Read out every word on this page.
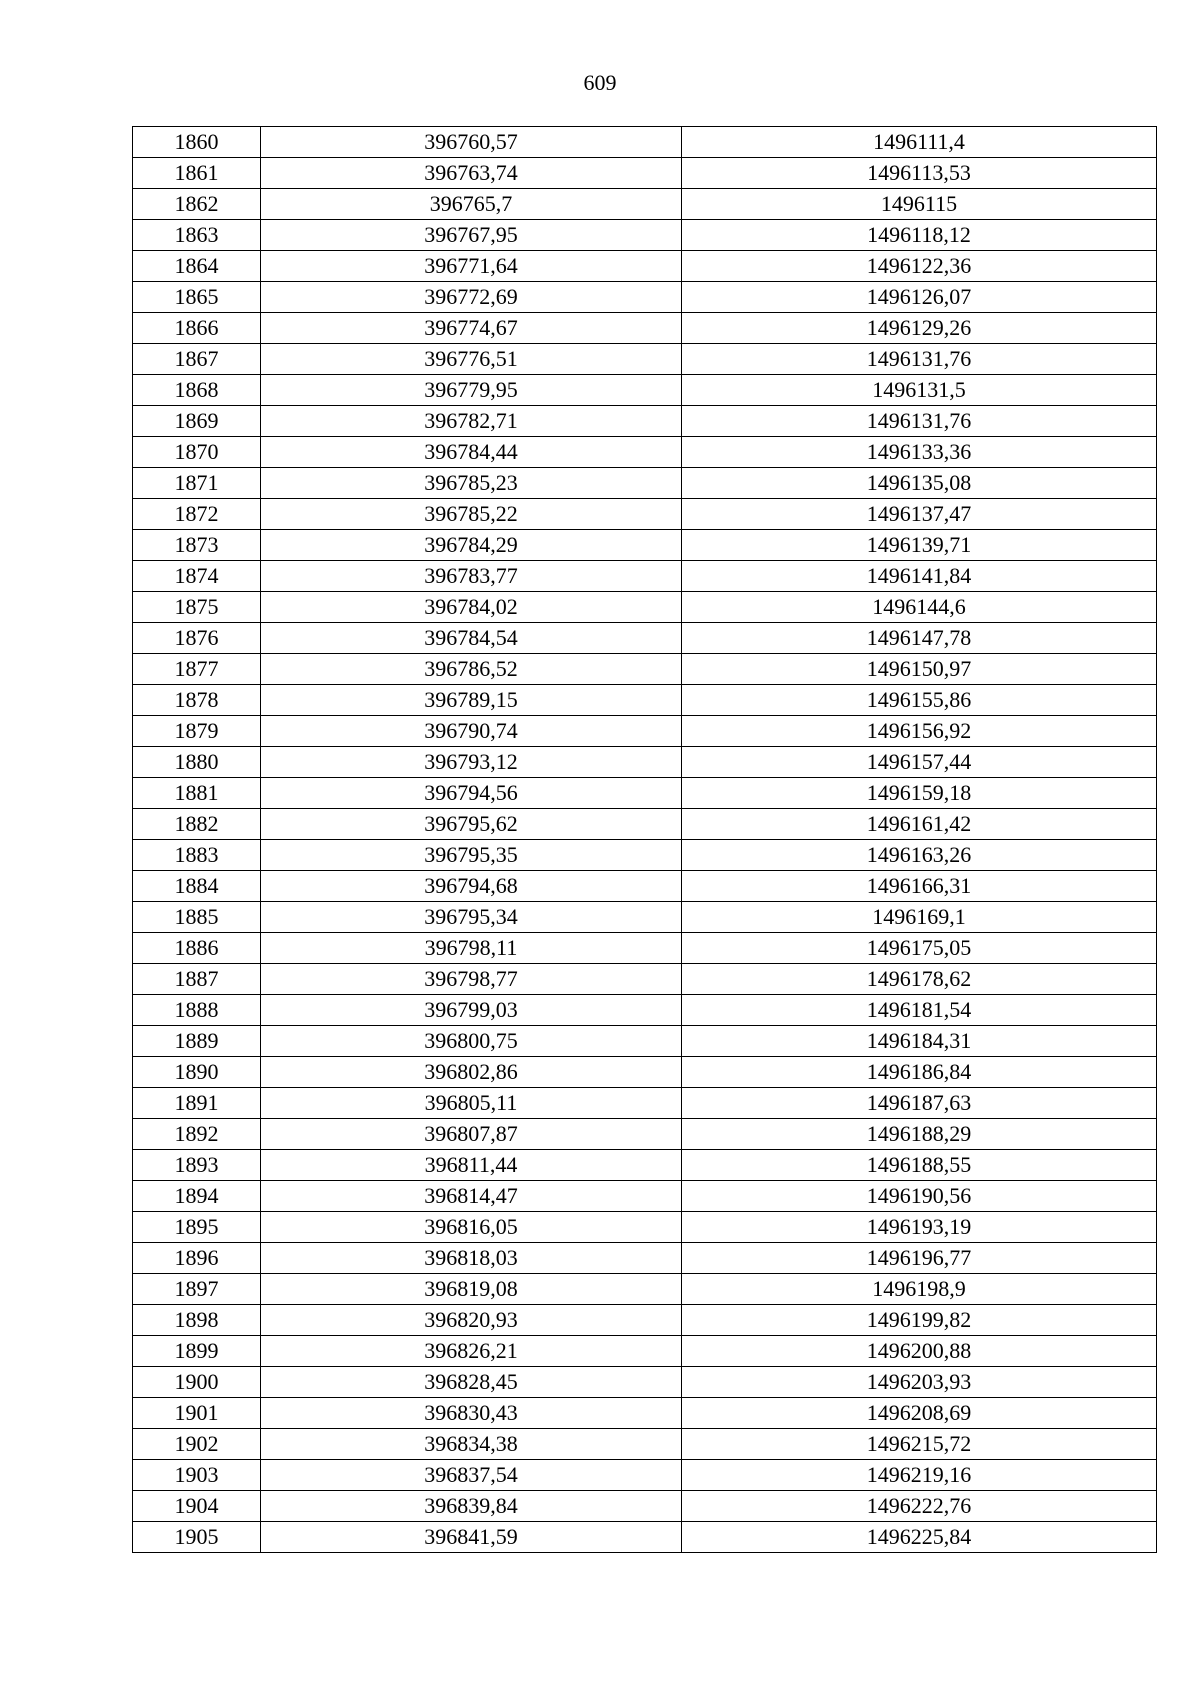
609
1860	396760,57	1496111,4
1861	396763,74	1496113,53
1862	396765,7	1496115
1863	396767,95	1496118,12
1864	396771,64	1496122,36
1865	396772,69	1496126,07
1866	396774,67	1496129,26
1867	396776,51	1496131,76
1868	396779,95	1496131,5
1869	396782,71	1496131,76
1870	396784,44	1496133,36
1871	396785,23	1496135,08
1872	396785,22	1496137,47
1873	396784,29	1496139,71
1874	396783,77	1496141,84
1875	396784,02	1496144,6
1876	396784,54	1496147,78
1877	396786,52	1496150,97
1878	396789,15	1496155,86
1879	396790,74	1496156,92
1880	396793,12	1496157,44
1881	396794,56	1496159,18
1882	396795,62	1496161,42
1883	396795,35	1496163,26
1884	396794,68	1496166,31
1885	396795,34	1496169,1
1886	396798,11	1496175,05
1887	396798,77	1496178,62
1888	396799,03	1496181,54
1889	396800,75	1496184,31
1890	396802,86	1496186,84
1891	396805,11	1496187,63
1892	396807,87	1496188,29
1893	396811,44	1496188,55
1894	396814,47	1496190,56
1895	396816,05	1496193,19
1896	396818,03	1496196,77
1897	396819,08	1496198,9
1898	396820,93	1496199,82
1899	396826,21	1496200,88
1900	396828,45	1496203,93
1901	396830,43	1496208,69
1902	396834,38	1496215,72
1903	396837,54	1496219,16
1904	396839,84	1496222,76
1905	396841,59	1496225,84
